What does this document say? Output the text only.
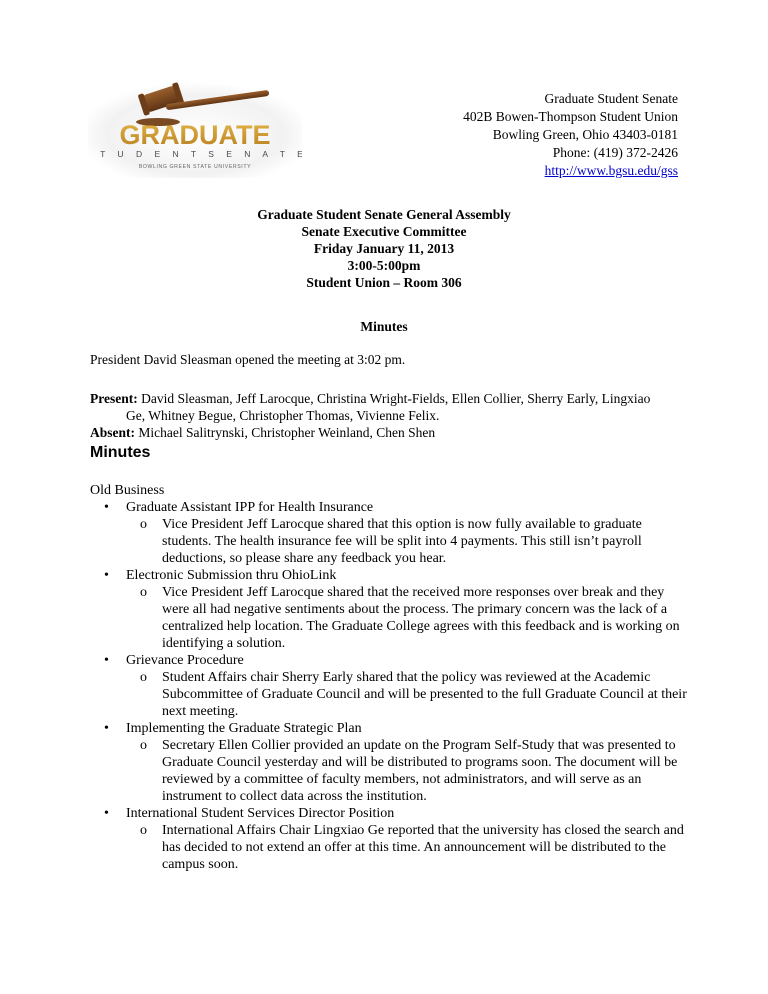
GRADUATE
S T U D E N T S E N A T E
BOWLING GREEN STATE UNIVERSITY
Graduate Student Senate
402B Bowen-Thompson Student Union
Bowling Green, Ohio 43403-0181
Phone: (419) 372-2426
http://www.bgsu.edu/gss
Graduate Student Senate General Assembly
Senate Executive Committee
Friday January 11, 2013
3:00-5:00pm
Student Union – Room 306
Minutes

President David Sleasman opened the meeting at 3:02 pm.

Present: David Sleasman, Jeff Larocque, Christina Wright-Fields, Ellen Collier, Sherry Early, Lingxiao
Ge, Whitney Begue, Christopher Thomas, Vivienne Felix.
Absent: Michael Salitrynski, Christopher Weinland, Chen Shen
Minutes
Old Business
• Graduate Assistant IPP for Health Insurance
o Vice President Jeff Larocque shared that this option is now fully available to graduate students. The health insurance fee will be split into 4 payments. This still isn’t payroll deductions, so please share any feedback you hear.
• Electronic Submission thru OhioLink
o Vice President Jeff Larocque shared that the received more responses over break and they were all had negative sentiments about the process. The primary concern was the lack of a centralized help location. The Graduate College agrees with this feedback and is working on identifying a solution.
• Grievance Procedure
o Student Affairs chair Sherry Early shared that the policy was reviewed at the Academic Subcommittee of Graduate Council and will be presented to the full Graduate Council at their next meeting.
• Implementing the Graduate Strategic Plan
o Secretary Ellen Collier provided an update on the Program Self-Study that was presented to Graduate Council yesterday and will be distributed to programs soon. The document will be reviewed by a committee of faculty members, not administrators, and will serve as an instrument to collect data across the institution.
• International Student Services Director Position
o International Affairs Chair Lingxiao Ge reported that the university has closed the search and has decided to not extend an offer at this time. An announcement will be distributed to the campus soon.
